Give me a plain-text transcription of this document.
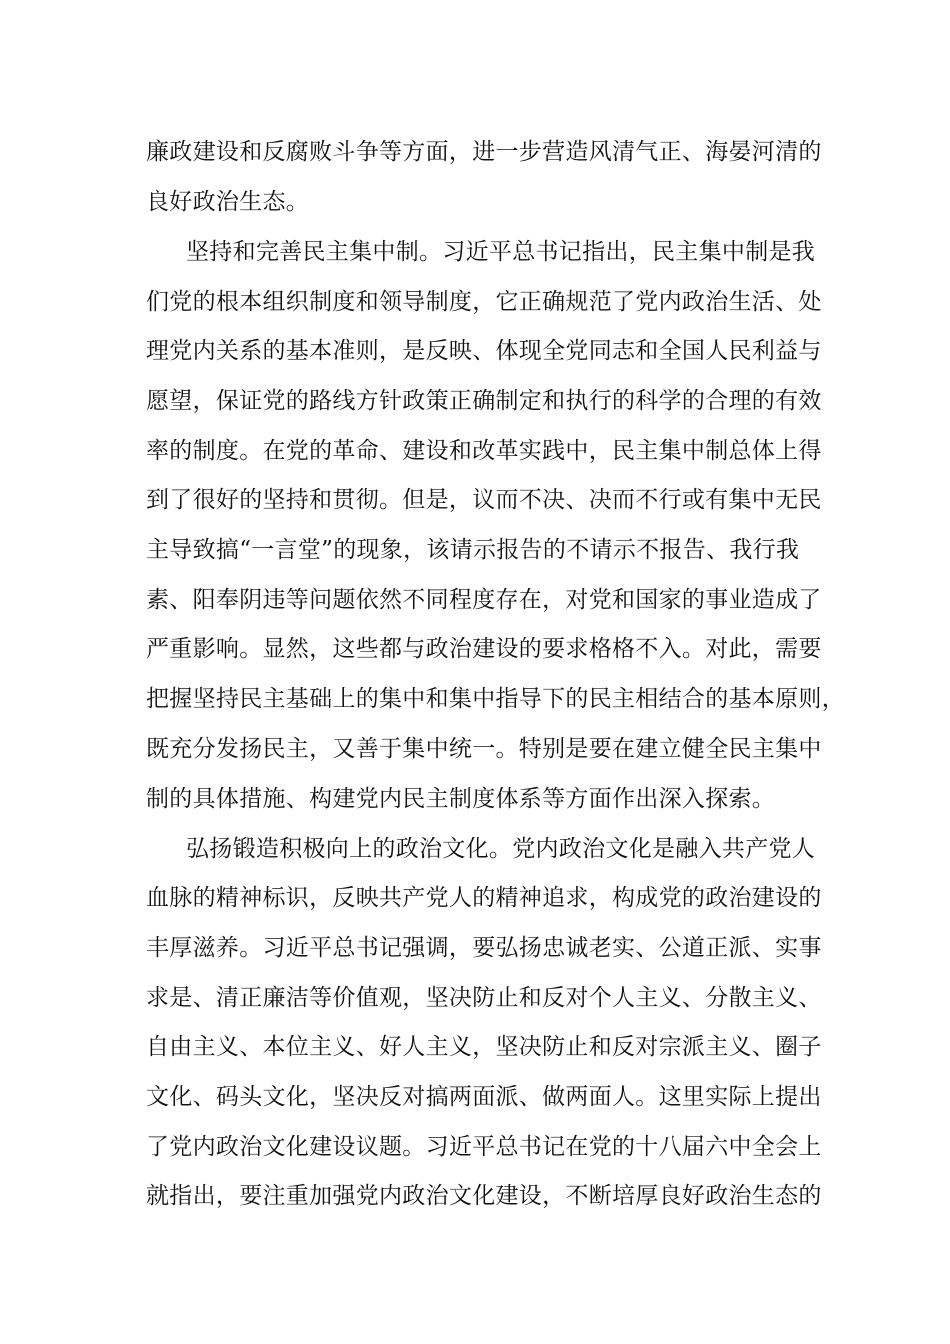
廉政建设和反腐败斗争等方面，进一步营造风清气正、海晏河清的
良好政治生态。
坚持和完善民主集中制。习近平总书记指出，民主集中制是我
们党的根本组织制度和领导制度，它正确规范了党内政治生活、处
理党内关系的基本准则，是反映、体现全党同志和全国人民利益与
愿望，保证党的路线方针政策正确制定和执行的科学的合理的有效
率的制度。在党的革命、建设和改革实践中，民主集中制总体上得
到了很好的坚持和贯彻。但是，议而不决、决而不行或有集中无民
主导致搞“一言堂”的现象，该请示报告的不请示不报告、我行我
素、阳奉阴违等问题依然不同程度存在，对党和国家的事业造成了
严重影响。显然，这些都与政治建设的要求格格不入。对此，需要
把握坚持民主基础上的集中和集中指导下的民主相结合的基本原则，
既充分发扬民主，又善于集中统一。特别是要在建立健全民主集中
制的具体措施、构建党内民主制度体系等方面作出深入探索。
弘扬锻造积极向上的政治文化。党内政治文化是融入共产党人
血脉的精神标识，反映共产党人的精神追求，构成党的政治建设的
丰厚滋养。习近平总书记强调，要弘扬忠诚老实、公道正派、实事
求是、清正廉洁等价值观，坚决防止和反对个人主义、分散主义、
自由主义、本位主义、好人主义，坚决防止和反对宗派主义、圈子
文化、码头文化，坚决反对搞两面派、做两面人。这里实际上提出
了党内政治文化建设议题。习近平总书记在党的十八届六中全会上
就指出，要注重加强党内政治文化建设，不断培厚良好政治生态的
